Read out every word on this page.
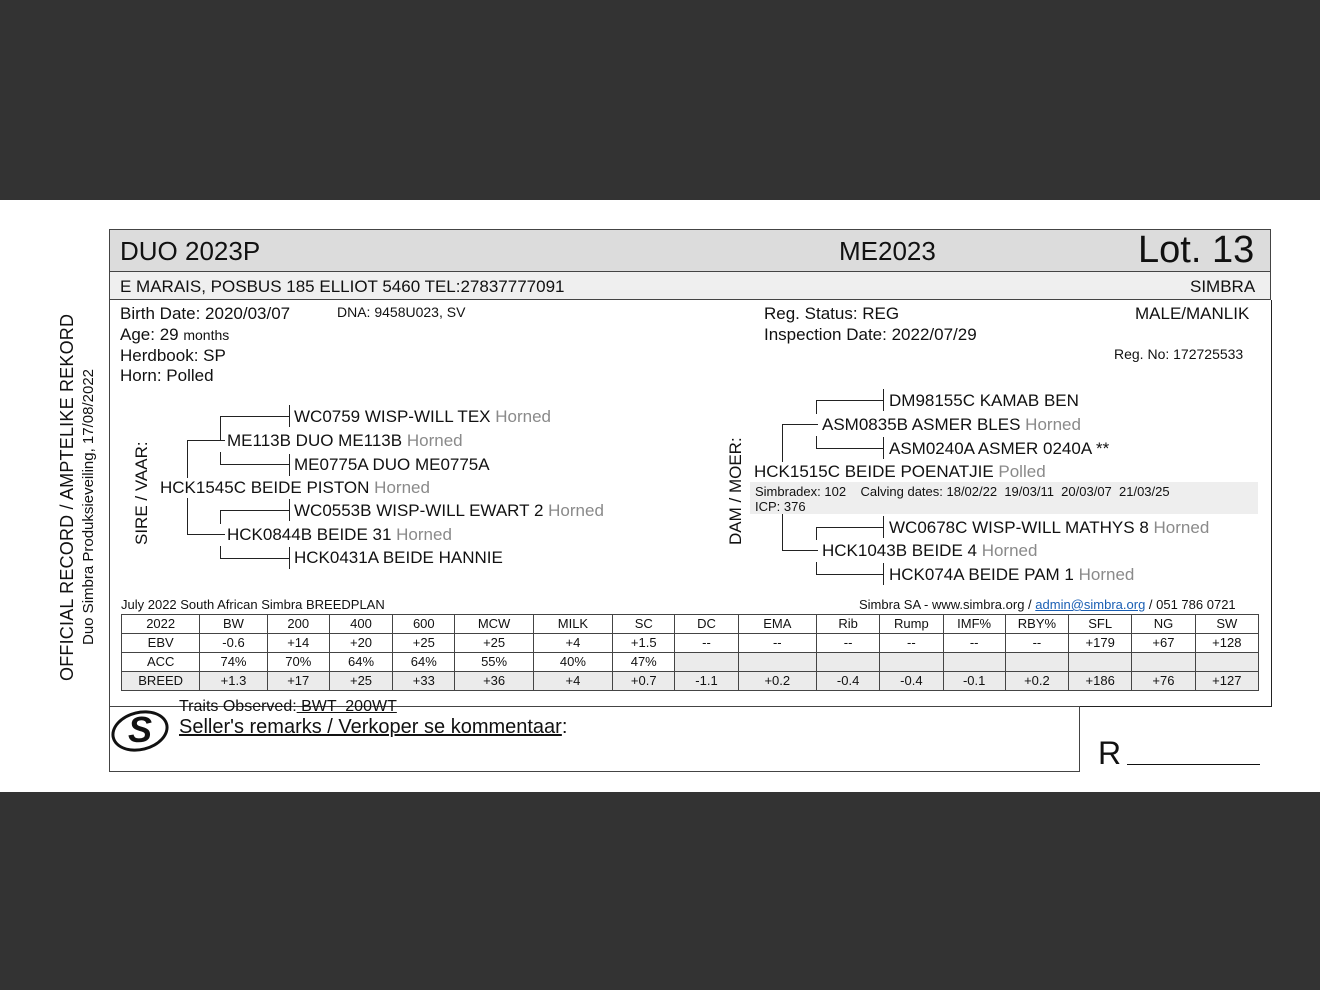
OFFICIAL RECORD / AMPTELIKE REKORD Duo Simbra Produksieveiling, 17/08/2022
DUO 2023P	ME2023	Lot. 13
E MARAIS, POSBUS 185 ELLIOT 5460 TEL:27837777091	SIMBRA
Birth Date: 2020/03/07	DNA: 9458U023, SV
Age: 29 months
Herdbook: SP
Horn: Polled
Reg. Status: REG
Inspection Date: 2022/07/29
MALE/MANLIK
Reg. No: 172725533
SIRE / VAAR: HCK1545C BEIDE PISTON Horned
ME113B DUO ME113B Horned
WC0759 WISP-WILL TEX Horned
ME0775A DUO ME0775A
HCK0844B BEIDE 31 Horned
WC0553B WISP-WILL EWART 2 Horned
HCK0431A BEIDE HANNIE
DAM / MOER: HCK1515C BEIDE POENATJIE Polled
Simbradex: 102    Calving dates: 18/02/22  19/03/11  20/03/07  21/03/25
ICP: 376
ASM0835B ASMER BLES Horned
DM98155C KAMAB BEN
ASM0240A ASMER 0240A **
HCK1043B BEIDE 4 Horned
WC0678C WISP-WILL MATHYS 8 Horned
HCK074A BEIDE PAM 1 Horned
July 2022 South African Simbra BREEDPLAN	Simbra SA - www.simbra.org / admin@simbra.org / 051 786 0721
2022	BW	200	400	600	MCW	MILK	SC	DC	EMA	Rib	Rump	IMF%	RBY%	SFL	NG	SW
EBV	-0.6	+14	+20	+25	+25	+4	+1.5	--	--	--	--	--	--	+179	+67	+128
ACC	74%	70%	64%	64%	55%	40%	47%									
BREED	+1.3	+17	+25	+33	+36	+4	+0.7	-1.1	+0.2	-0.4	-0.4	-0.1	+0.2	+186	+76	+127
S
Traits Observed: BWT  200WT
Seller's remarks / Verkoper se kommentaar:
R
